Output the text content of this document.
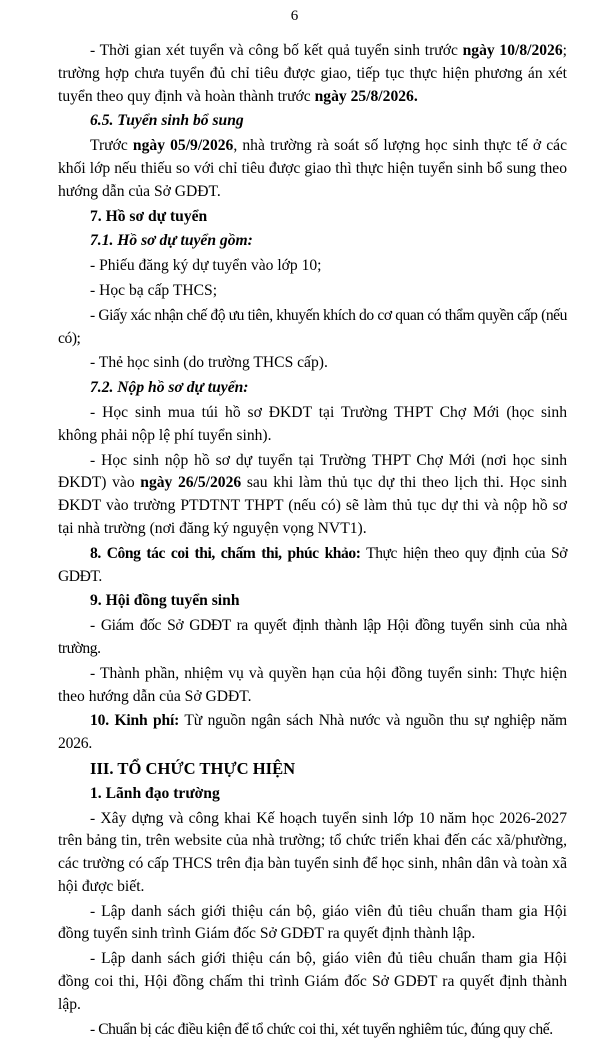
6

- Thời gian xét tuyển và công bố kết quả tuyển sinh trước ngày 10/8/2026; trường hợp chưa tuyển đủ chỉ tiêu được giao, tiếp tục thực hiện phương án xét tuyển theo quy định và hoàn thành trước ngày 25/8/2026.

6.5. Tuyển sinh bổ sung

Trước ngày 05/9/2026, nhà trường rà soát số lượng học sinh thực tế ở các khối lớp nếu thiếu so với chỉ tiêu được giao thì thực hiện tuyển sinh bổ sung theo hướng dẫn của Sở GDĐT.

7. Hồ sơ dự tuyển

7.1. Hồ sơ dự tuyển gồm:

- Phiếu đăng ký dự tuyển vào lớp 10;

- Học bạ cấp THCS;

- Giấy xác nhận chế độ ưu tiên, khuyến khích do cơ quan có thẩm quyền cấp (nếu có);

- Thẻ học sinh (do trường THCS cấp).

7.2. Nộp hồ sơ dự tuyển:

- Học sinh mua túi hồ sơ ĐKDT tại Trường THPT Chợ Mới (học sinh không phải nộp lệ phí tuyển sinh).

- Học sinh nộp hồ sơ dự tuyển tại Trường THPT Chợ Mới (nơi học sinh ĐKDT) vào ngày 26/5/2026 sau khi làm thủ tục dự thi theo lịch thi. Học sinh ĐKDT vào trường PTDTNT THPT (nếu có) sẽ làm thủ tục dự thi và nộp hồ sơ tại nhà trường (nơi đăng ký nguyện vọng NVT1).

8. Công tác coi thi, chấm thi, phúc khảo: Thực hiện theo quy định của Sở GDĐT.

9. Hội đồng tuyển sinh

- Giám đốc Sở GDĐT ra quyết định thành lập Hội đồng tuyển sinh của nhà trường.

- Thành phần, nhiệm vụ và quyền hạn của hội đồng tuyển sinh: Thực hiện theo hướng dẫn của Sở GDĐT.

10. Kinh phí: Từ nguồn ngân sách Nhà nước và nguồn thu sự nghiệp năm 2026.

III. TỔ CHỨC THỰC HIỆN

1. Lãnh đạo trường

- Xây dựng và công khai Kế hoạch tuyển sinh lớp 10 năm học 2026-2027 trên bảng tin, trên website của nhà trường; tổ chức triển khai đến các xã/phường, các trường có cấp THCS trên địa bàn tuyển sinh để học sinh, nhân dân và toàn xã hội được biết.

- Lập danh sách giới thiệu cán bộ, giáo viên đủ tiêu chuẩn tham gia Hội đồng tuyển sinh trình Giám đốc Sở GDĐT ra quyết định thành lập.

- Lập danh sách giới thiệu cán bộ, giáo viên đủ tiêu chuẩn tham gia Hội đồng coi thi, Hội đồng chấm thi trình Giám đốc Sở GDĐT ra quyết định thành lập.

- Chuẩn bị các điều kiện để tổ chức coi thi, xét tuyển nghiêm túc, đúng quy chế.
